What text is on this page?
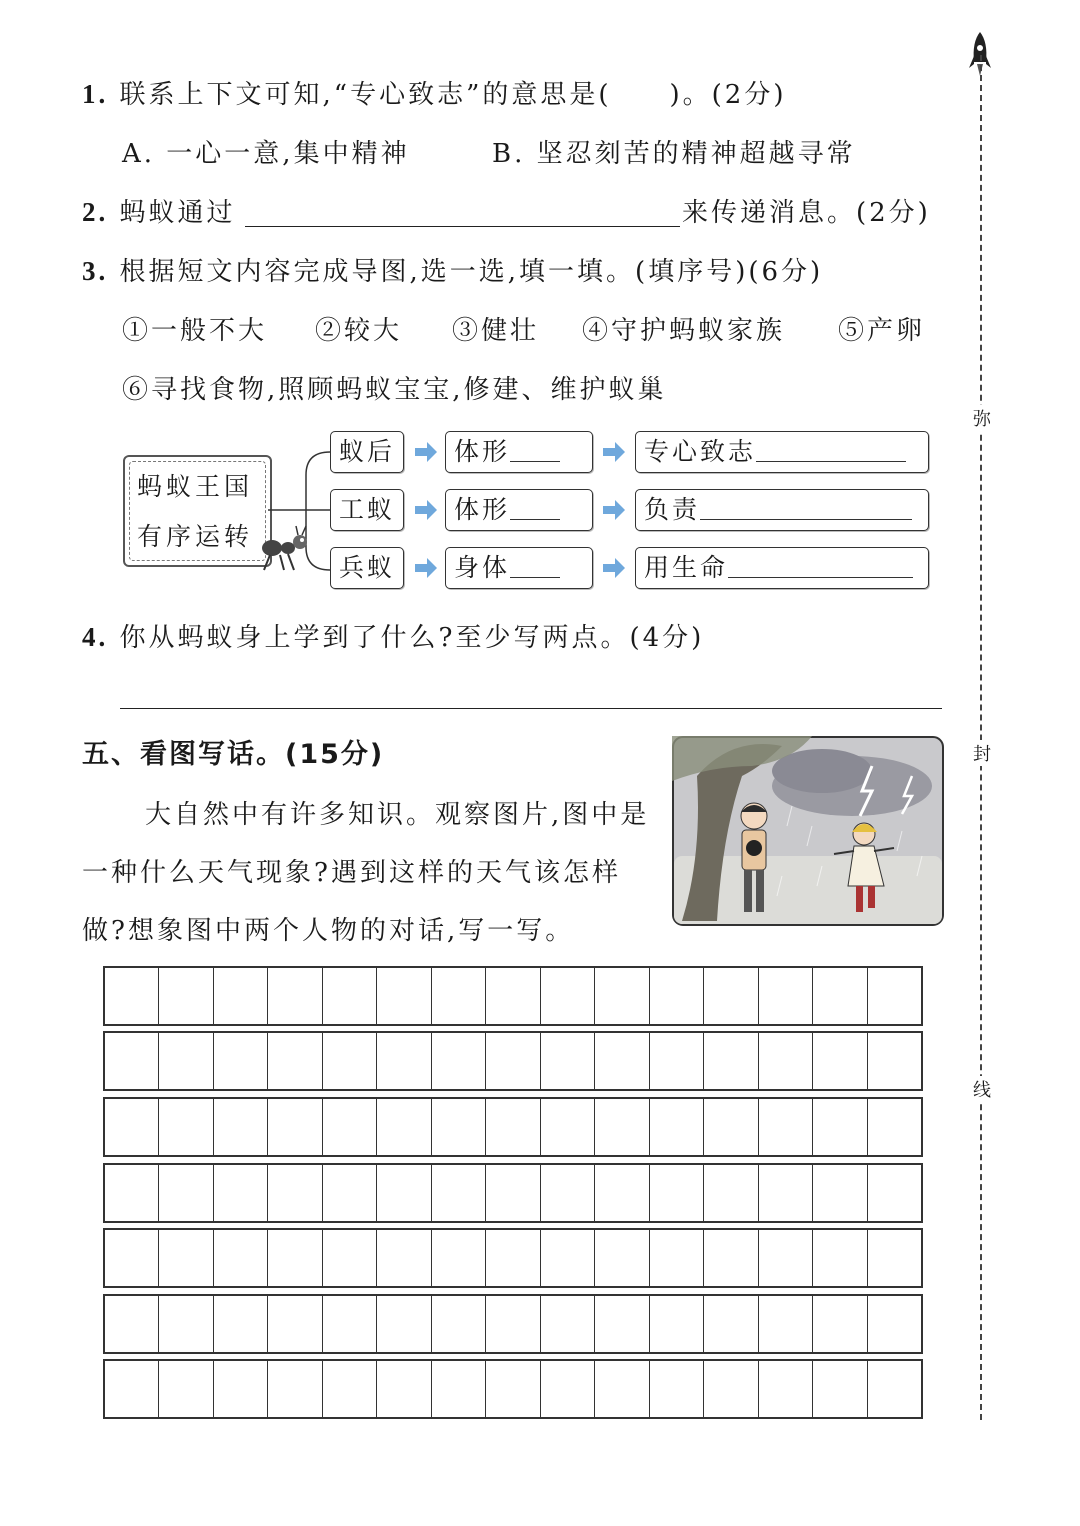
1. 联系上下文可知,“专心致志”的意思是(　　)。(2分)
A. 一心一意,集中精神	B. 坚忍刻苦的精神超越寻常
2. 蚂蚁通过	来传递消息。(2分)
3. 根据短文内容完成导图,选一选,填一填。(填序号)(6分)
①一般不大 ②较大 ③健壮 ④守护蚂蚁家族 ⑤产卵
⑥寻找食物,照顾蚂蚁宝宝,修建、维护蚁巢
蚂蚁王国
有序运转
蚁后	体形	专心致志
工蚁	体形	负责
兵蚁	身体	用生命
4. 你从蚂蚁身上学到了什么?至少写两点。(4分)
五、看图写话。(15分)
大自然中有许多知识。观察图片,图中是
一种什么天气现象?遇到这样的天气该怎样
做?想象图中两个人物的对话,写一写。
弥
封
线
